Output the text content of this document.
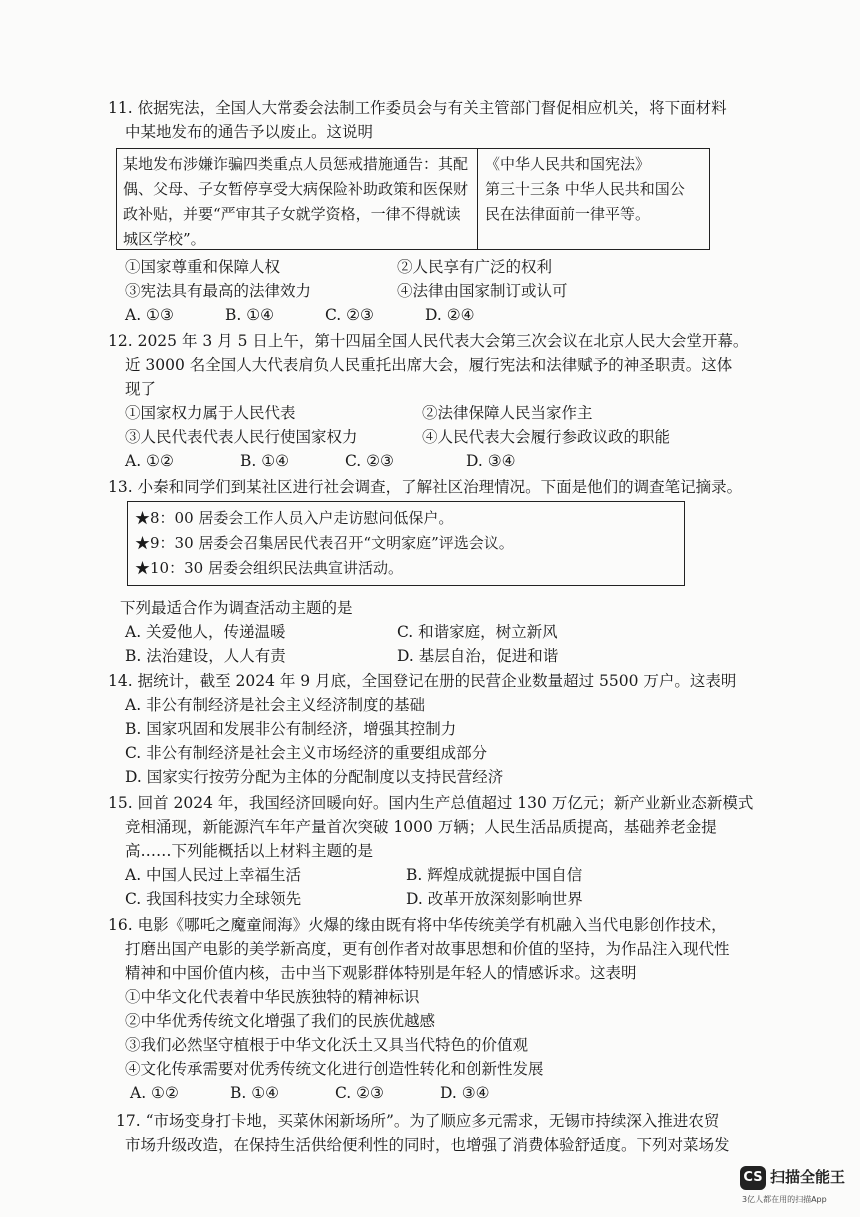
11. 依据宪法，全国人大常委会法制工作委员会与有关主管部门督促相应机关，将下面材料
中某地发布的通告予以废止。这说明
某地发布涉嫌诈骗四类重点人员惩戒措施通告：其配
偶、父母、子女暂停享受大病保险补助政策和医保财
政补贴，并要“严审其子女就学资格，一律不得就读
城区学校”。
《中华人民共和国宪法》
第三十三条 中华人民共和国公
民在法律面前一律平等。
①国家尊重和保障人权	②人民享有广泛的权利
③宪法具有最高的法律效力	④法律由国家制订或认可
A. ①③	B. ①④	C. ②③	D. ②④
12. 2025 年 3 月 5 日上午，第十四届全国人民代表大会第三次会议在北京人民大会堂开幕。
近 3000 名全国人大代表肩负人民重托出席大会，履行宪法和法律赋予的神圣职责。这体
现了
①国家权力属于人民代表	②法律保障人民当家作主
③人民代表代表人民行使国家权力	④人民代表大会履行参政议政的职能
A. ①②	B. ①④	C. ②③	D. ③④
13. 小秦和同学们到某社区进行社会调查，了解社区治理情况。下面是他们的调查笔记摘录。
★8：00 居委会工作人员入户走访慰问低保户。
★9：30 居委会召集居民代表召开“文明家庭”评选会议。
★10：30 居委会组织民法典宣讲活动。
下列最适合作为调查活动主题的是
A. 关爱他人，传递温暖	C. 和谐家庭，树立新风
B. 法治建设，人人有责	D. 基层自治，促进和谐
14. 据统计，截至 2024 年 9 月底，全国登记在册的民营企业数量超过 5500 万户。这表明
A. 非公有制经济是社会主义经济制度的基础
B. 国家巩固和发展非公有制经济，增强其控制力
C. 非公有制经济是社会主义市场经济的重要组成部分
D. 国家实行按劳分配为主体的分配制度以支持民营经济
15. 回首 2024 年，我国经济回暖向好。国内生产总值超过 130 万亿元；新产业新业态新模式
竞相涌现，新能源汽车年产量首次突破 1000 万辆；人民生活品质提高，基础养老金提
高……下列能概括以上材料主题的是
A. 中国人民过上幸福生活	B. 辉煌成就提振中国自信
C. 我国科技实力全球领先	D. 改革开放深刻影响世界
16. 电影《哪吒之魔童闹海》火爆的缘由既有将中华传统美学有机融入当代电影创作技术，
打磨出国产电影的美学新高度，更有创作者对故事思想和价值的坚持，为作品注入现代性
精神和中国价值内核，击中当下观影群体特别是年轻人的情感诉求。这表明
①中华文化代表着中华民族独特的精神标识
②中华优秀传统文化增强了我们的民族优越感
③我们必然坚守植根于中华文化沃土又具当代特色的价值观
④文化传承需要对优秀传统文化进行创造性转化和创新性发展
A. ①②	B. ①④	C. ②③	D. ③④
17. “市场变身打卡地，买菜休闲新场所”。为了顺应多元需求，无锡市持续深入推进农贸
市场升级改造，在保持生活供给便利性的同时，也增强了消费体验舒适度。下列对菜场发
CS 扫描全能王
3亿人都在用的扫描App
